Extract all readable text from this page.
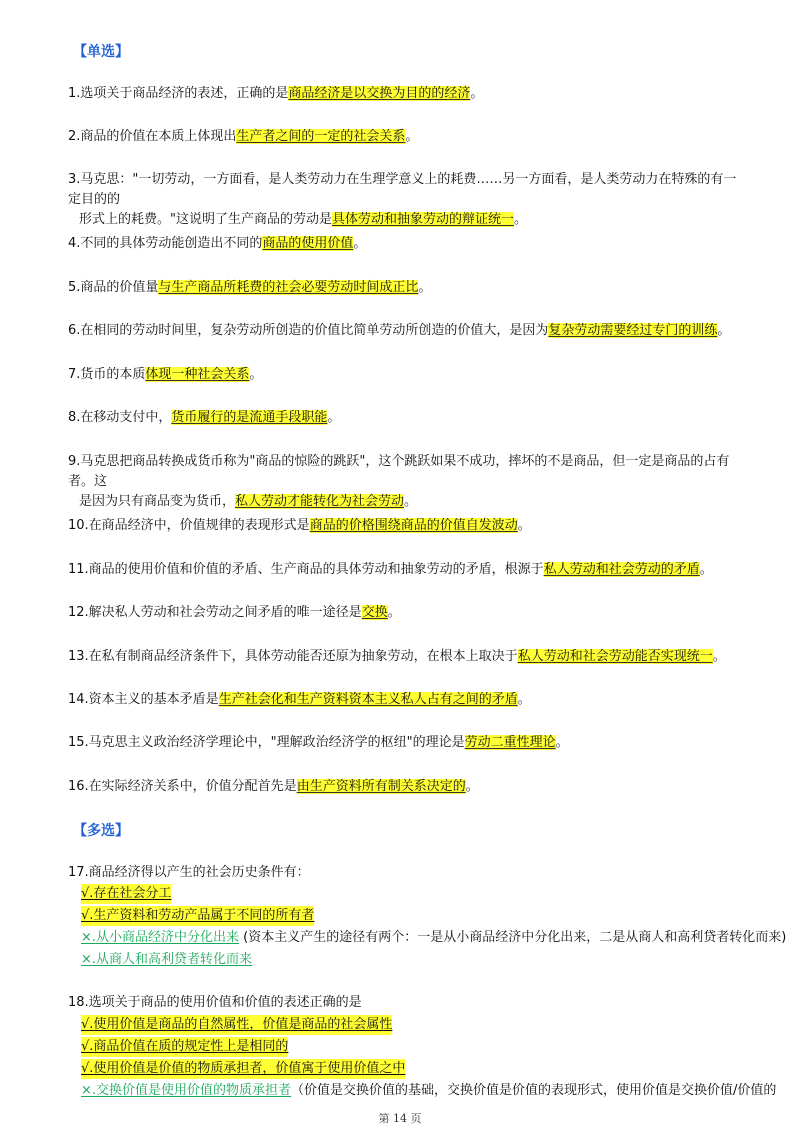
【单选】
1.选项关于商品经济的表述，正确的是商品经济是以交换为目的的经济。
2.商品的价值在本质上体现出生产者之间的一定的社会关系。
3.马克思："一切劳动，一方面看，是人类劳动力在生理学意义上的耗费……另一方面看，是人类劳动力在特殊的有一定目的的
形式上的耗费。"这说明了生产商品的劳动是具体劳动和抽象劳动的辩证统一。
4.不同的具体劳动能创造出不同的商品的使用价值。
5.商品的价值量与生产商品所耗费的社会必要劳动时间成正比。
6.在相同的劳动时间里，复杂劳动所创造的价值比简单劳动所创造的价值大，是因为复杂劳动需要经过专门的训练。
7.货币的本质体现一种社会关系。
8.在移动支付中，货币履行的是流通手段职能。
9.马克思把商品转换成货币称为"商品的惊险的跳跃"，这个跳跃如果不成功，摔坏的不是商品，但一定是商品的占有者。这
是因为只有商品变为货币，私人劳动才能转化为社会劳动。
10.在商品经济中，价值规律的表现形式是商品的价格围绕商品的价值自发波动。
11.商品的使用价值和价值的矛盾、生产商品的具体劳动和抽象劳动的矛盾，根源于私人劳动和社会劳动的矛盾。
12.解决私人劳动和社会劳动之间矛盾的唯一途径是交换。
13.在私有制商品经济条件下，具体劳动能否还原为抽象劳动，在根本上取决于私人劳动和社会劳动能否实现统一。
14.资本主义的基本矛盾是生产社会化和生产资料资本主义私人占有之间的矛盾。
15.马克思主义政治经济学理论中，"理解政治经济学的枢纽"的理论是劳动二重性理论。
16.在实际经济关系中，价值分配首先是由生产资料所有制关系决定的。
【多选】
17.商品经济得以产生的社会历史条件有：
√.存在社会分工
√.生产资料和劳动产品属于不同的所有者
×.从小商品经济中分化出来 (资本主义产生的途径有两个：一是从小商品经济中分化出来，二是从商人和高利贷者转化而来)
×.从商人和高利贷者转化而来
18.选项关于商品的使用价值和价值的表述正确的是
√.使用价值是商品的自然属性，价值是商品的社会属性
√.商品价值在质的规定性上是相同的
√.使用价值是价值的物质承担者，价值寓于使用价值之中
×.交换价值是使用价值的物质承担者（价值是交换价值的基础，交换价值是价值的表现形式，使用价值是交换价值/价值的
第 14 页
